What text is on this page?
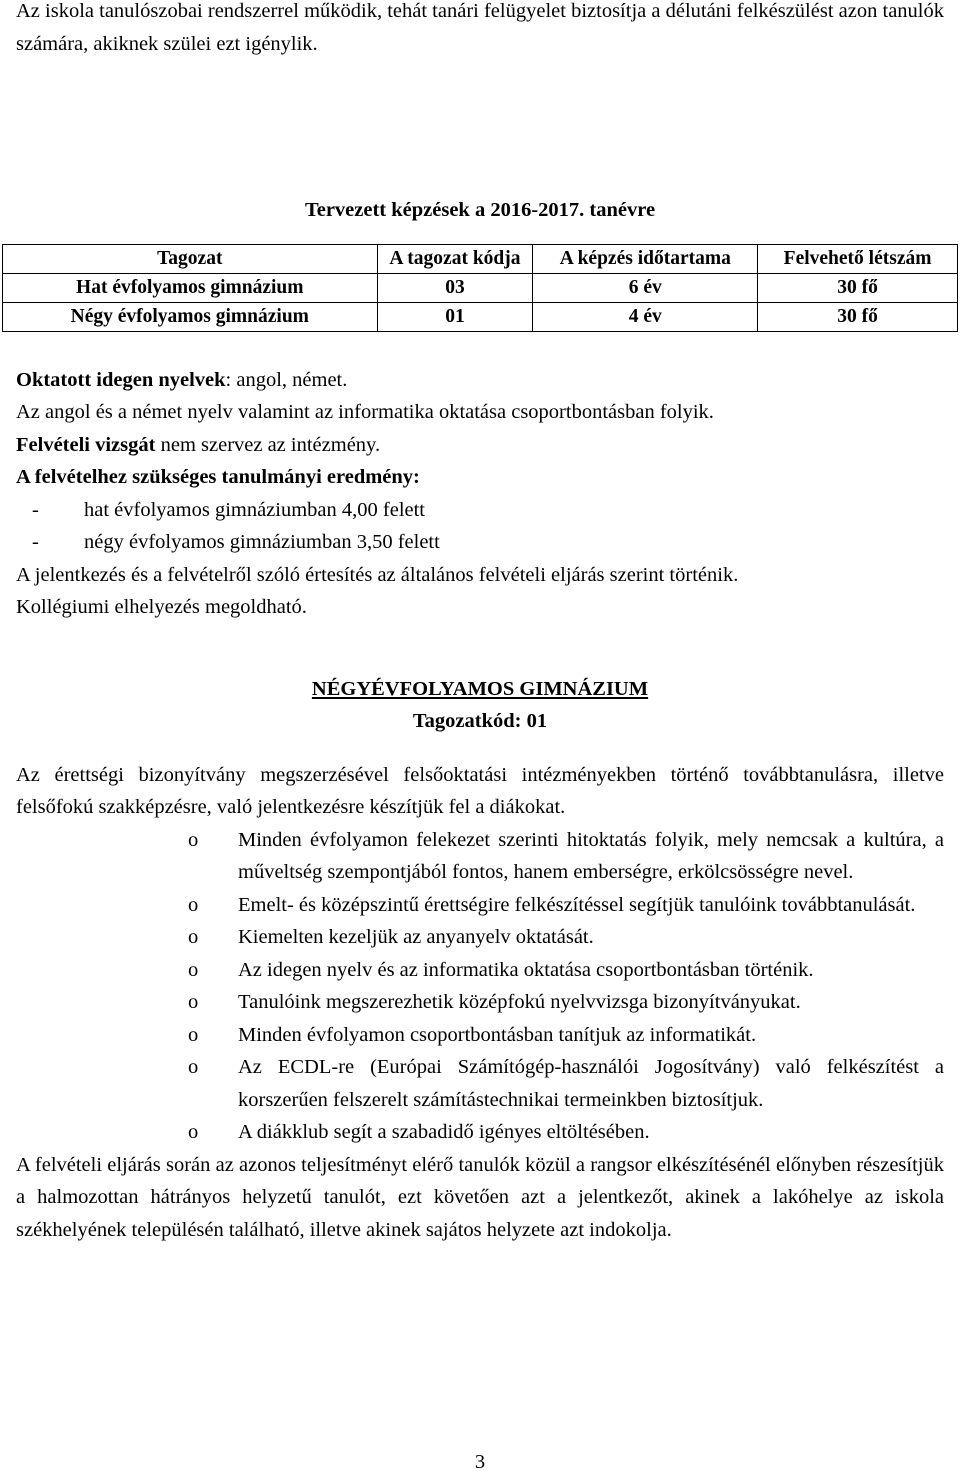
Az iskola tanulószobai rendszerrel működik, tehát tanári felügyelet biztosítja a délutáni felkészülést azon tanulók számára, akiknek szülei ezt igénylik.

Tervezett képzések a 2016-2017. tanévre

Tagozat	A tagozat kódja	A képzés időtartama	Felvehető létszám
Hat évfolyamos gimnázium	03	6 év	30 fő
Négy évfolyamos gimnázium	01	4 év	30 fő

Oktatott idegen nyelvek: angol, német.

Az angol és a német nyelv valamint az informatika oktatása csoportbontásban folyik.

Felvételi vizsgát nem szervez az intézmény.

A felvételhez szükséges tanulmányi eredmény:

- hat évfolyamos gimnáziumban 4,00 felett

- négy évfolyamos gimnáziumban 3,50 felett

A jelentkezés és a felvételről szóló értesítés az általános felvételi eljárás szerint történik.

Kollégiumi elhelyezés megoldható.

NÉGYÉVFOLYAMOS GIMNÁZIUM

Tagozatkód: 01

Az érettségi bizonyítvány megszerzésével felsőoktatási intézményekben történő továbbtanulásra, illetve felsőfokú szakképzésre, való jelentkezésre készítjük fel a diákokat.

o Minden évfolyamon felekezet szerinti hitoktatás folyik, mely nemcsak a kultúra, a műveltség szempontjából fontos, hanem emberségre, erkölcsösségre nevel.
o Emelt- és középszintű érettségire felkészítéssel segítjük tanulóink továbbtanulását.
o Kiemelten kezeljük az anyanyelv oktatását.
o Az idegen nyelv és az informatika oktatása csoportbontásban történik.
o Tanulóink megszerezhetik középfokú nyelvvizsga bizonyítványukat.
o Minden évfolyamon csoportbontásban tanítjuk az informatikát.
o Az ECDL-re (Európai Számítógép-használói Jogosítvány) való felkészítést a korszerűen felszerelt számítástechnikai termeinkben biztosítjuk.
o A diákklub segít a szabadidő igényes eltöltésében.

A felvételi eljárás során az azonos teljesítményt elérő tanulók közül a rangsor elkészítésénél előnyben részesítjük a halmozottan hátrányos helyzetű tanulót, ezt követően azt a jelentkezőt, akinek a lakóhelye az iskola székhelyének településén található, illetve akinek sajátos helyzete azt indokolja.

3
